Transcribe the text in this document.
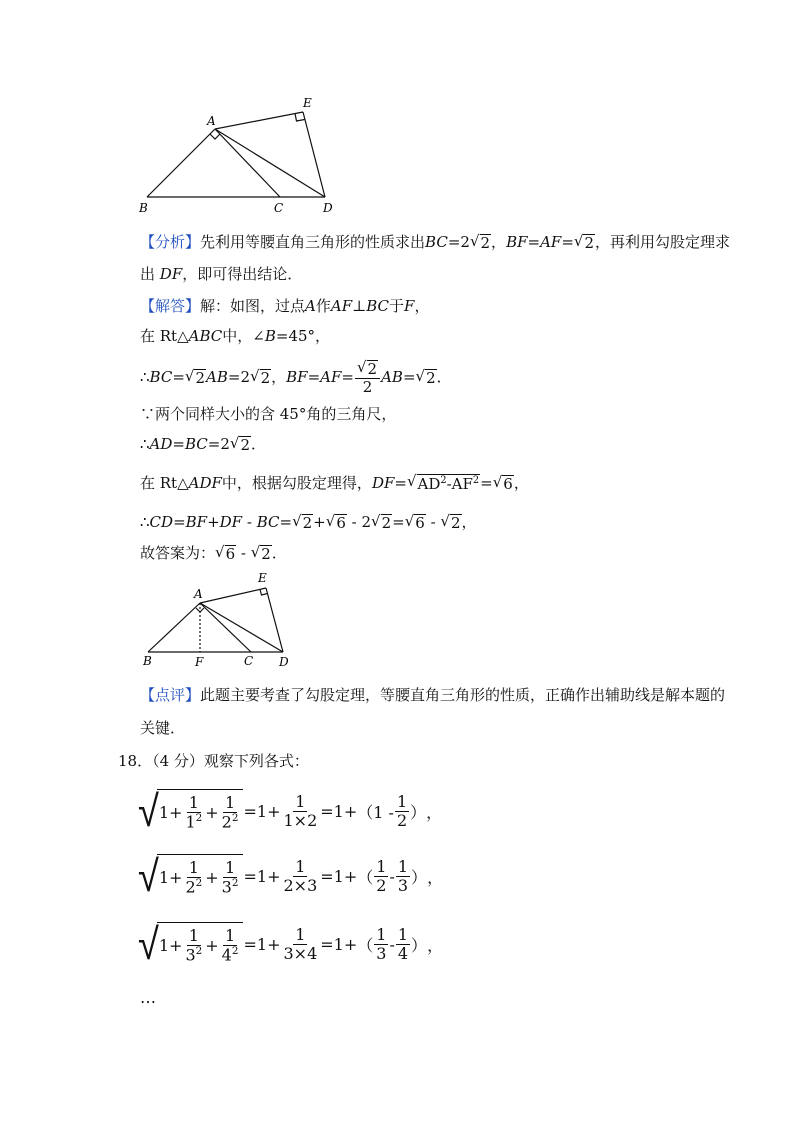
A
E
B	C	D
【分析】先利用等腰直角三角形的性质求出BC=2 √ 2 ，BF=AF= √ 2 ，再利用勾股定理求
出 DF，即可得出结论．
【解答】解：如图，过点A作AF⊥BC于F，
在 Rt△ABC中，∠B=45°，
∴BC= √ 2 AB=2 √ 2 ，$BF=AF= \frac{√ 2}{2} AB=$ √ 2 ．
∵两个同样大小的含 45°角的三角尺，
∴AD=BC=2 √ 2 ．
在 Rt△ADF中，根据勾股定理得，DF= √ $AD^2-AF^2$ = √ 6 ，
∴CD=BF+DF - BC= √ 2 + √ 6 - 2 √ 2 = √ 6 - √ 2 ，
故答案为： √ 6 - √ 2 ．
A
E
B	F	C D
【点评】此题主要考查了勾股定理，等腰直角三角形的性质，正确作出辅助线是解本题的
关键．
18．（4 分）观察下列各式：
√ $1 + \frac{1}{1^2} + \frac{1}{2^2} =1+ \frac{1}{1\times 2} =1+ (1 - \frac{1}{2}$ ） ，
√ $1 + \frac{1}{2^2} + \frac{1}{3^2} =1+ \frac{1}{2\times 3} =1+$ （ $\frac{1}{2} - \frac{1}{3}$ ） ，
√ $1 + \frac{1}{3^2} + \frac{1}{4^2} =1+ \frac{1}{3\times 4} =1+$ （ $\frac{1}{3} - \frac{1}{4}$ ） ，
…
